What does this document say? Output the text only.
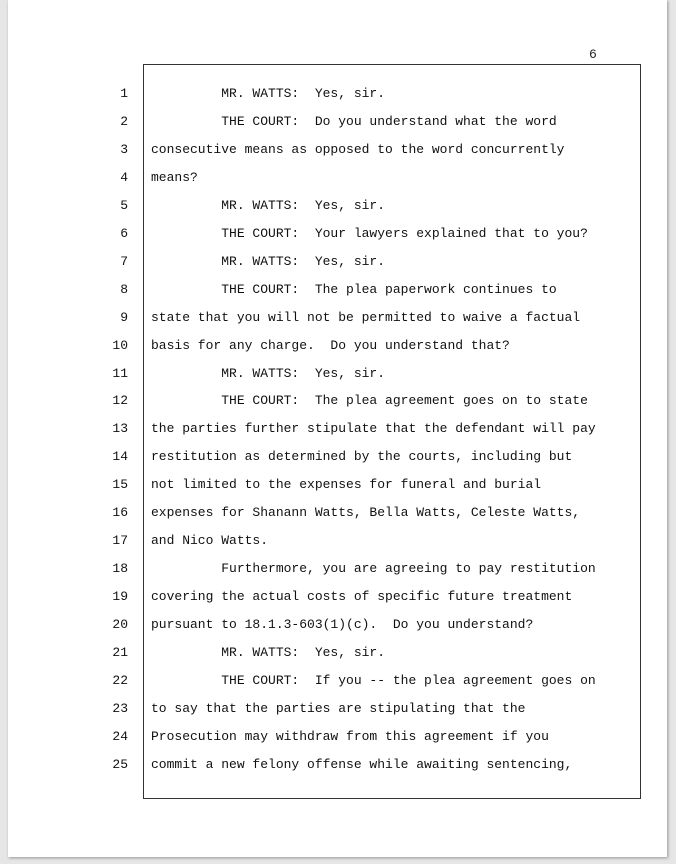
6
1 MR. WATTS:  Yes, sir.
2 THE COURT:  Do you understand what the word
3 consecutive means as opposed to the word concurrently
4 means?
5 MR. WATTS:  Yes, sir.
6 THE COURT:  Your lawyers explained that to you?
7 MR. WATTS:  Yes, sir.
8 THE COURT:  The plea paperwork continues to
9 state that you will not be permitted to waive a factual
10 basis for any charge.  Do you understand that?
11 MR. WATTS:  Yes, sir.
12 THE COURT:  The plea agreement goes on to state
13 the parties further stipulate that the defendant will pay
14 restitution as determined by the courts, including but
15 not limited to the expenses for funeral and burial
16 expenses for Shanann Watts, Bella Watts, Celeste Watts,
17 and Nico Watts.
18 Furthermore, you are agreeing to pay restitution
19 covering the actual costs of specific future treatment
20 pursuant to 18.1.3-603(1)(c).  Do you understand?
21 MR. WATTS:  Yes, sir.
22 THE COURT:  If you -- the plea agreement goes on
23 to say that the parties are stipulating that the
24 Prosecution may withdraw from this agreement if you
25 commit a new felony offense while awaiting sentencing,
